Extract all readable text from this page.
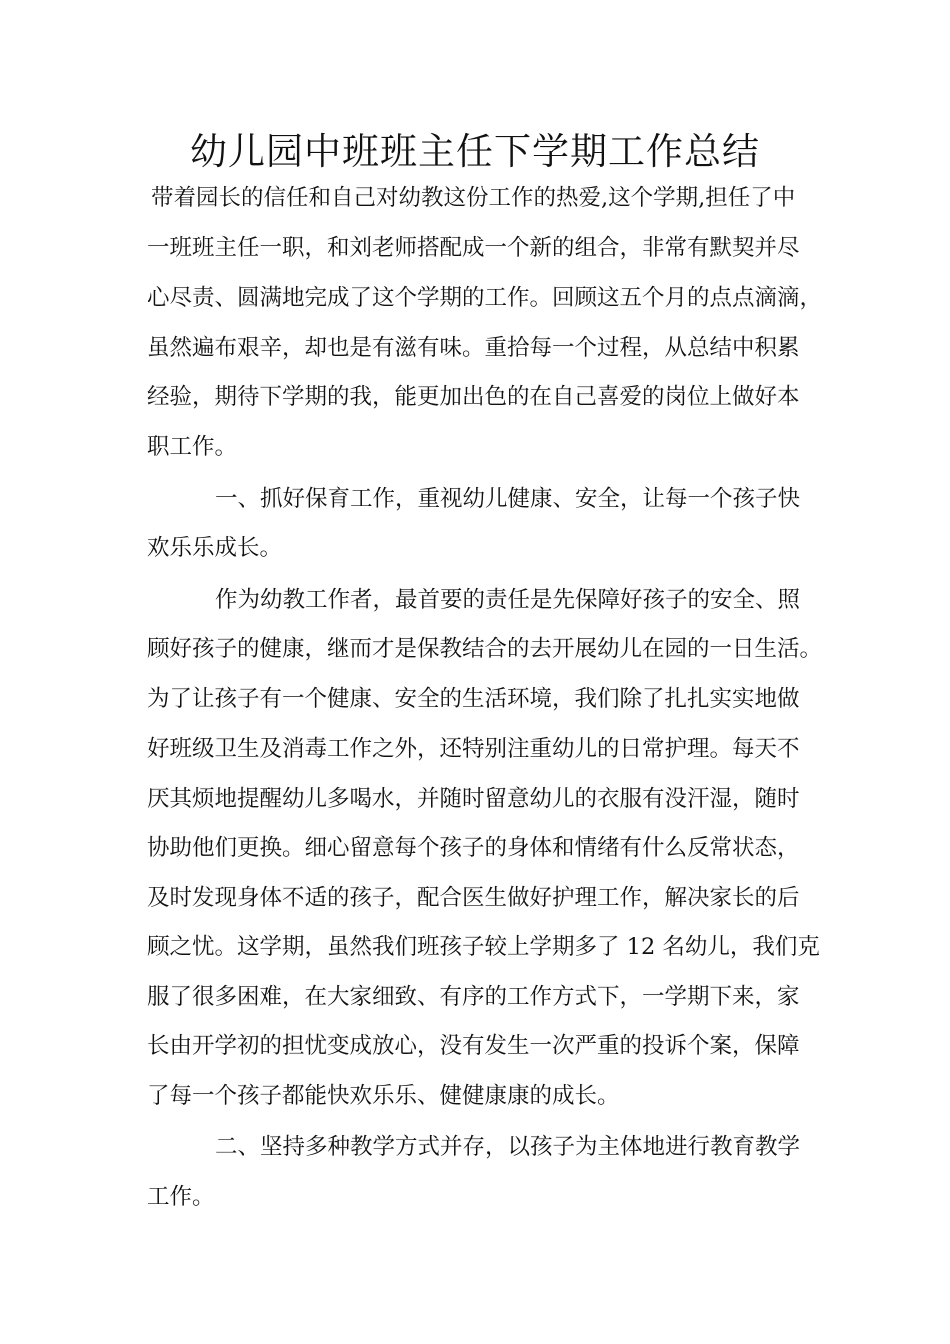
幼儿园中班班主任下学期工作总结
带着园长的信任和自己对幼教这份工作的热爱,这个学期,担任了中
一班班主任一职，和刘老师搭配成一个新的组合，非常有默契并尽
心尽责、圆满地完成了这个学期的工作。回顾这五个月的点点滴滴，
虽然遍布艰辛，却也是有滋有味。重拾每一个过程，从总结中积累
经验，期待下学期的我，能更加出色的在自己喜爱的岗位上做好本
职工作。
一、抓好保育工作，重视幼儿健康、安全，让每一个孩子快
欢乐乐成长。
作为幼教工作者，最首要的责任是先保障好孩子的安全、照
顾好孩子的健康，继而才是保教结合的去开展幼儿在园的一日生活。
为了让孩子有一个健康、安全的生活环境，我们除了扎扎实实地做
好班级卫生及消毒工作之外，还特别注重幼儿的日常护理。每天不
厌其烦地提醒幼儿多喝水，并随时留意幼儿的衣服有没汗湿，随时
协助他们更换。细心留意每个孩子的身体和情绪有什么反常状态，
及时发现身体不适的孩子，配合医生做好护理工作，解决家长的后
顾之忧。这学期，虽然我们班孩子较上学期多了 12 名幼儿，我们克
服了很多困难，在大家细致、有序的工作方式下，一学期下来，家
长由开学初的担忧变成放心，没有发生一次严重的投诉个案，保障
了每一个孩子都能快欢乐乐、健健康康的成长。
二、坚持多种教学方式并存，以孩子为主体地进行教育教学
工作。
